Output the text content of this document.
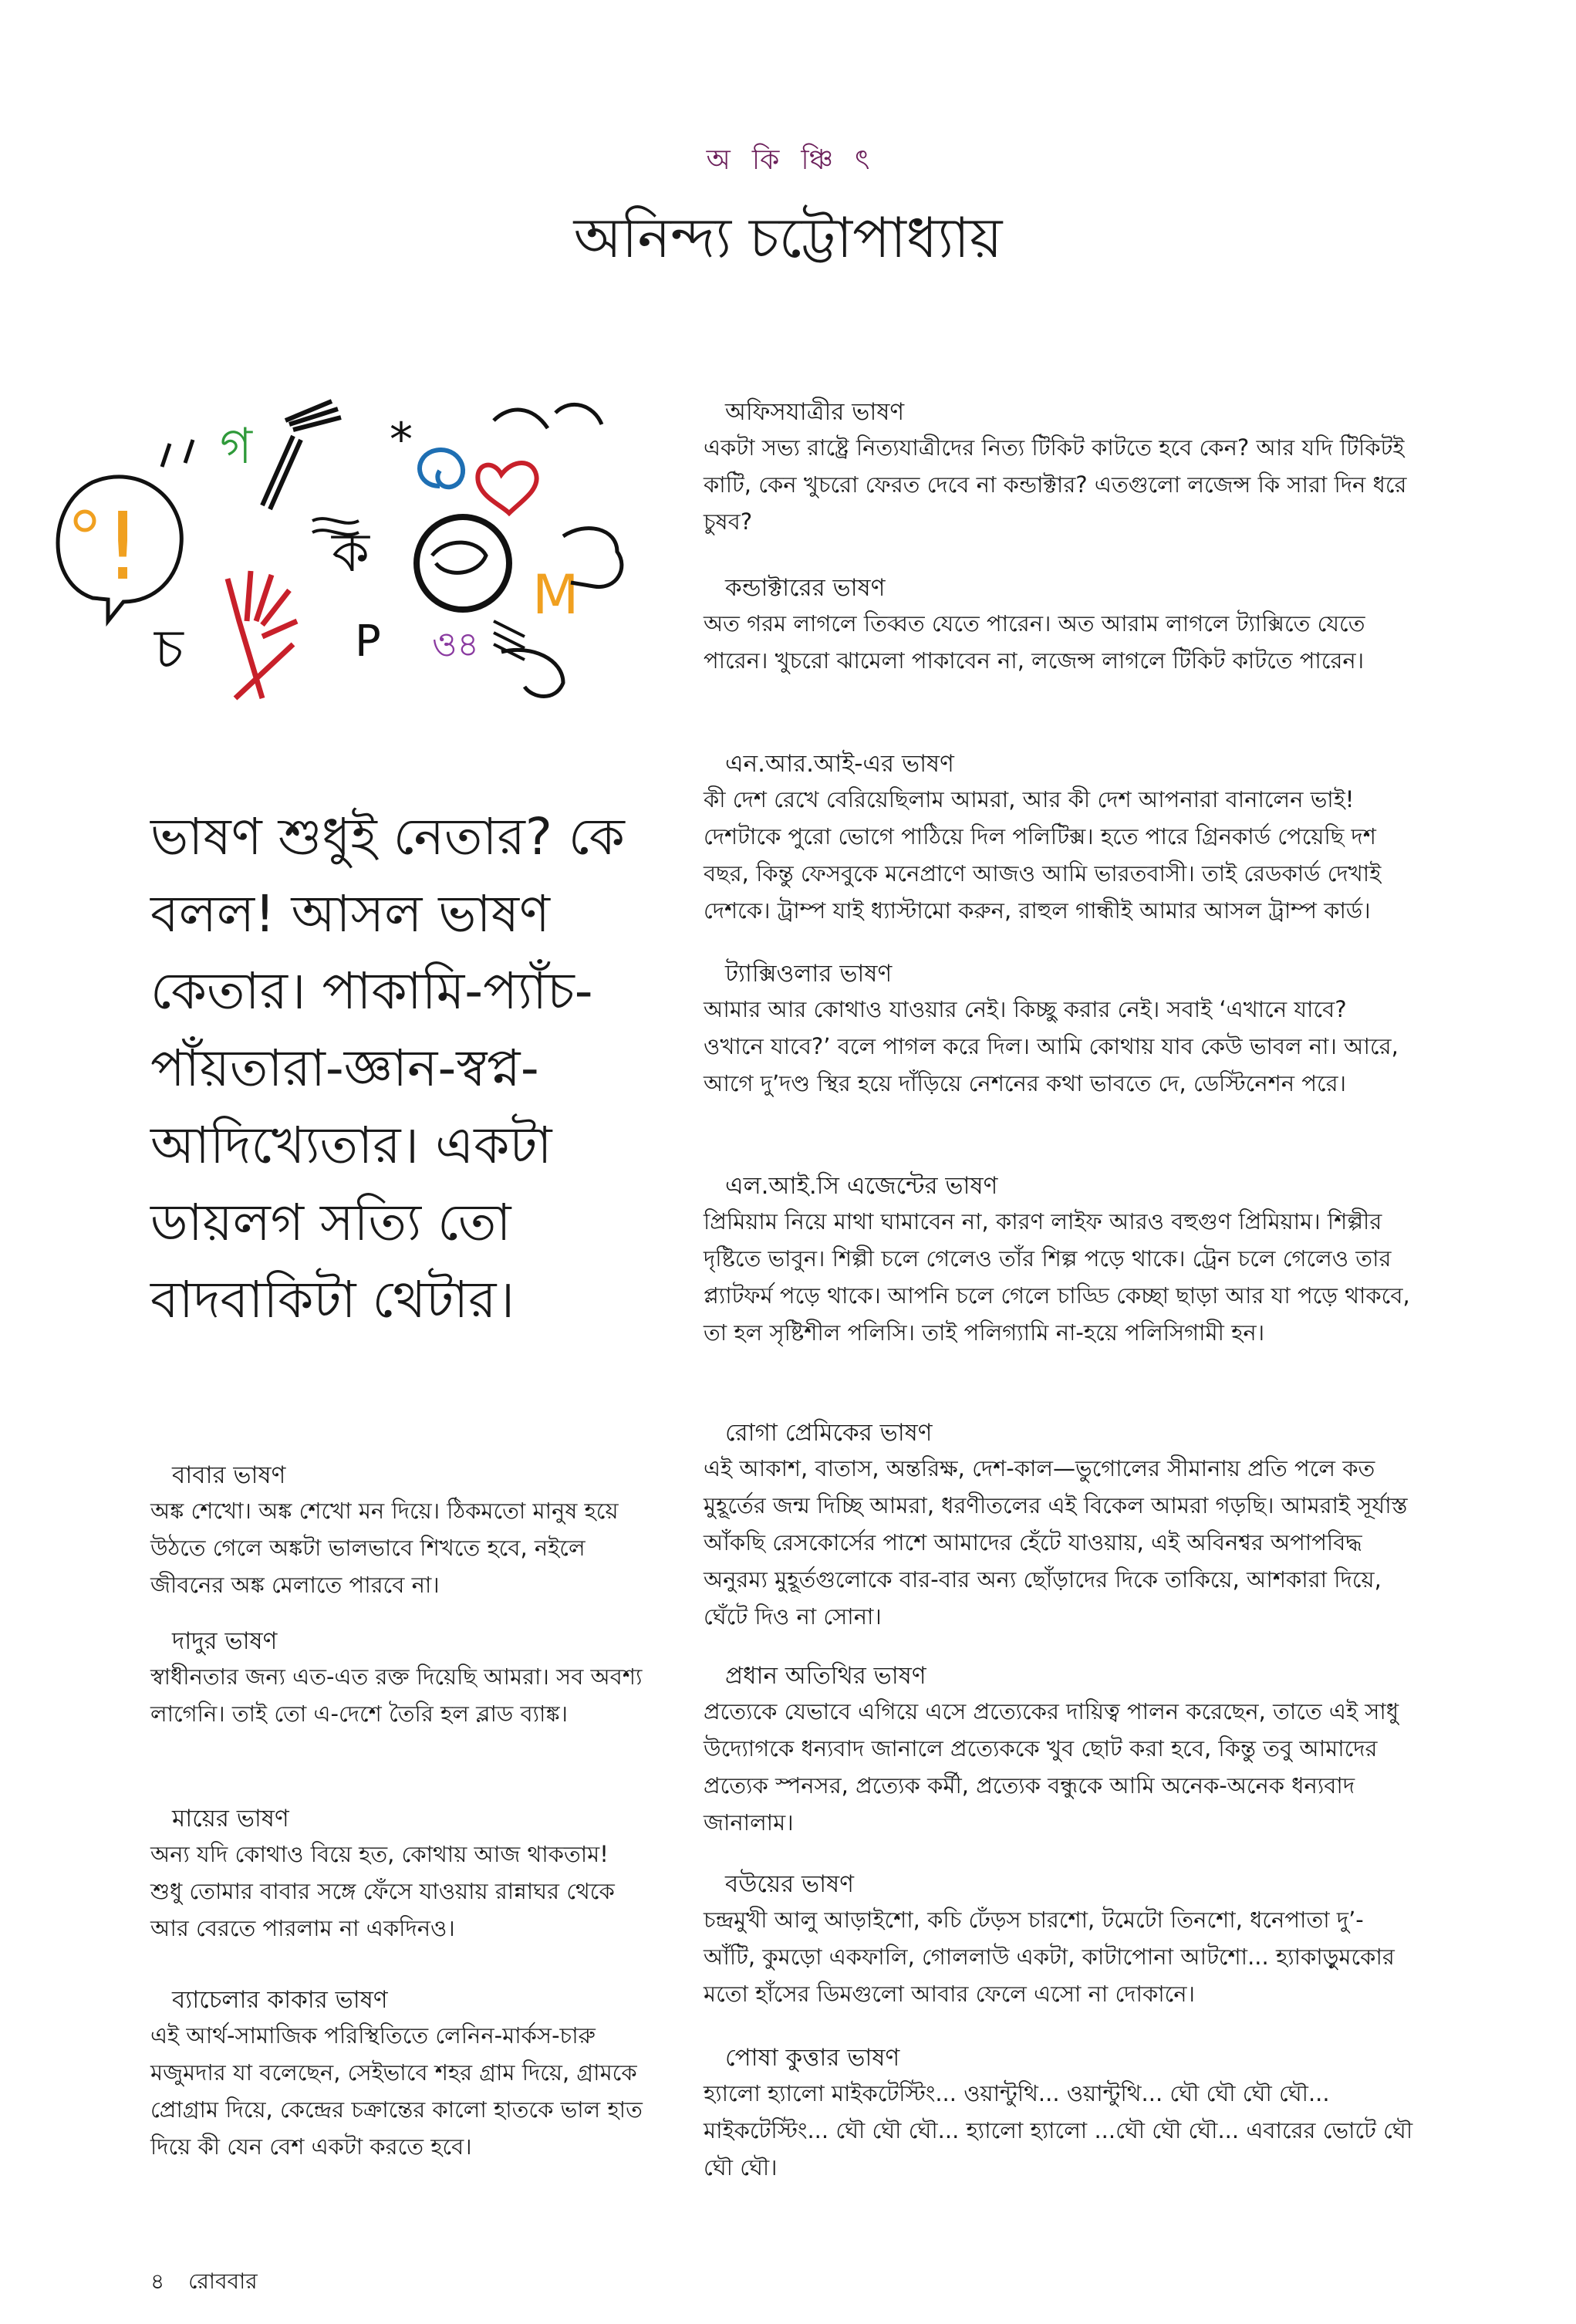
অকিঞ্চিৎ
অনিন্দ্য চট্টোপাধ্যায়
!
গ	*
ক
চ	P
M
ও৪
ভাষণ শুধুই নেতার? কে বলল! আসল ভাষণ কেতার। পাকামি-প্যাঁচ-পাঁয়তারা-জ্ঞান-স্বপ্ন-আদিখ্যেতার। একটা ডায়লগ সত্যি তো বাদবাকিটা থেটার।
বাবার ভাষণ

অঙ্ক শেখো। অঙ্ক শেখো মন দিয়ে। ঠিকমতো মানুষ হয়ে উঠতে গেলে অঙ্কটা ভালভাবে শিখতে হবে, নইলে জীবনের অঙ্ক মেলাতে পারবে না।

দাদুর ভাষণ

স্বাধীনতার জন্য এত-এত রক্ত দিয়েছি আমরা। সব অবশ্য লাগেনি। তাই তো এ-দেশে তৈরি হল ব্লাড ব্যাঙ্ক।

মায়ের ভাষণ

অন্য যদি কোথাও বিয়ে হত, কোথায় আজ থাকতাম! শুধু তোমার বাবার সঙ্গে ফেঁসে যাওয়ায় রান্নাঘর থেকে আর বেরতে পারলাম না একদিনও।

ব্যাচেলার কাকার ভাষণ

এই আর্থ-সামাজিক পরিস্থিতিতে লেনিন-মার্কস-চারু মজুমদার যা বলেছেন, সেইভাবে শহর গ্রাম দিয়ে, গ্রামকে প্রোগ্রাম দিয়ে, কেন্দ্রের চক্রান্তের কালো হাতকে ভাল হাত দিয়ে কী যেন বেশ একটা করতে হবে।

অফিসযাত্রীর ভাষণ

একটা সভ্য রাষ্ট্রে নিত্যযাত্রীদের নিত্য টিকিট কাটতে হবে কেন? আর যদি টিকিটই কাটি, কেন খুচরো ফেরত দেবে না কন্ডাক্টার? এতগুলো লজেন্স কি সারা দিন ধরে চুষব?

কন্ডাক্টারের ভাষণ

অত গরম লাগলে তিব্বত যেতে পারেন। অত আরাম লাগলে ট্যাক্সিতে যেতে পারেন। খুচরো ঝামেলা পাকাবেন না, লজেন্স লাগলে টিকিট কাটতে পারেন।

এন.আর.আই-এর ভাষণ

কী দেশ রেখে বেরিয়েছিলাম আমরা, আর কী দেশ আপনারা বানালেন ভাই! দেশটাকে পুরো ভোগে পাঠিয়ে দিল পলিটিক্স। হতে পারে গ্রিনকার্ড পেয়েছি দশ বছর, কিন্তু ফেসবুকে মনেপ্রাণে আজও আমি ভারতবাসী। তাই রেডকার্ড দেখাই দেশকে। ট্রাম্প যাই ধ্যাস্টামো করুন, রাহুল গান্ধীই আমার আসল ট্রাম্প কার্ড।

ট্যাক্সিওলার ভাষণ

আমার আর কোথাও যাওয়ার নেই। কিচ্ছু করার নেই। সবাই ‘এখানে যাবে? ওখানে যাবে?’ বলে পাগল করে দিল। আমি কোথায় যাব কেউ ভাবল না। আরে, আগে দু’দণ্ড স্থির হয়ে দাঁড়িয়ে নেশনের কথা ভাবতে দে, ডেস্টিনেশন পরে।

এল.আই.সি এজেন্টের ভাষণ

প্রিমিয়াম নিয়ে মাথা ঘামাবেন না, কারণ লাইফ আরও বহুগুণ প্রিমিয়াম। শিল্পীর দৃষ্টিতে ভাবুন। শিল্পী চলে গেলেও তাঁর শিল্প পড়ে থাকে। ট্রেন চলে গেলেও তার প্ল্যাটফর্ম পড়ে থাকে। আপনি চলে গেলে চাড্ডি কেচ্ছা ছাড়া আর যা পড়ে থাকবে, তা হল সৃষ্টিশীল পলিসি। তাই পলিগ্যামি না-হয়ে পলিসিগামী হন।

রোগা প্রেমিকের ভাষণ

এই আকাশ, বাতাস, অন্তরিক্ষ, দেশ-কাল—ভুগোলের সীমানায় প্রতি পলে কত মুহূর্তের জন্ম দিচ্ছি আমরা, ধরণীতলের এই বিকেল আমরা গড়ছি। আমরাই সূর্যাস্ত আঁকছি রেসকোর্সের পাশে আমাদের হেঁটে যাওয়ায়, এই অবিনশ্বর অপাপবিদ্ধ অনুরম্য মুহূর্তগুলোকে বার-বার অন্য ছোঁড়াদের দিকে তাকিয়ে, আশকারা দিয়ে, ঘেঁটে দিও না সোনা।

প্রধান অতিথির ভাষণ

প্রত্যেকে যেভাবে এগিয়ে এসে প্রত্যেকের দায়িত্ব পালন করেছেন, তাতে এই সাধু উদ্যোগকে ধন্যবাদ জানালে প্রত্যেককে খুব ছোট করা হবে, কিন্তু তবু আমাদের প্রত্যেক স্পনসর, প্রত্যেক কর্মী, প্রত্যেক বন্ধুকে আমি অনেক-অনেক ধন্যবাদ জানালাম।

বউয়ের ভাষণ

চন্দ্রমুখী আলু আড়াইশো, কচি ঢেঁড়স চারশো, টমেটো তিনশো, ধনেপাতা দু’-আঁটি, কুমড়ো একফালি, গোললাউ একটা, কাটাপোনা আটশো... হ্যাকাড়ুমকোর মতো হাঁসের ডিমগুলো আবার ফেলে এসো না দোকানে।

পোষা কুত্তার ভাষণ

হ্যালো হ্যালো মাইকটেস্টিং... ওয়ান্টুথি... ওয়ান্টুথি... ঘৌ ঘৌ ঘৌ ঘৌ... মাইকটেস্টিং... ঘৌ ঘৌ ঘৌ... হ্যালো হ্যালো ...ঘৌ ঘৌ ঘৌ... এবারের ভোটে ঘৌ ঘৌ ঘৌ।

৪ রোববার
